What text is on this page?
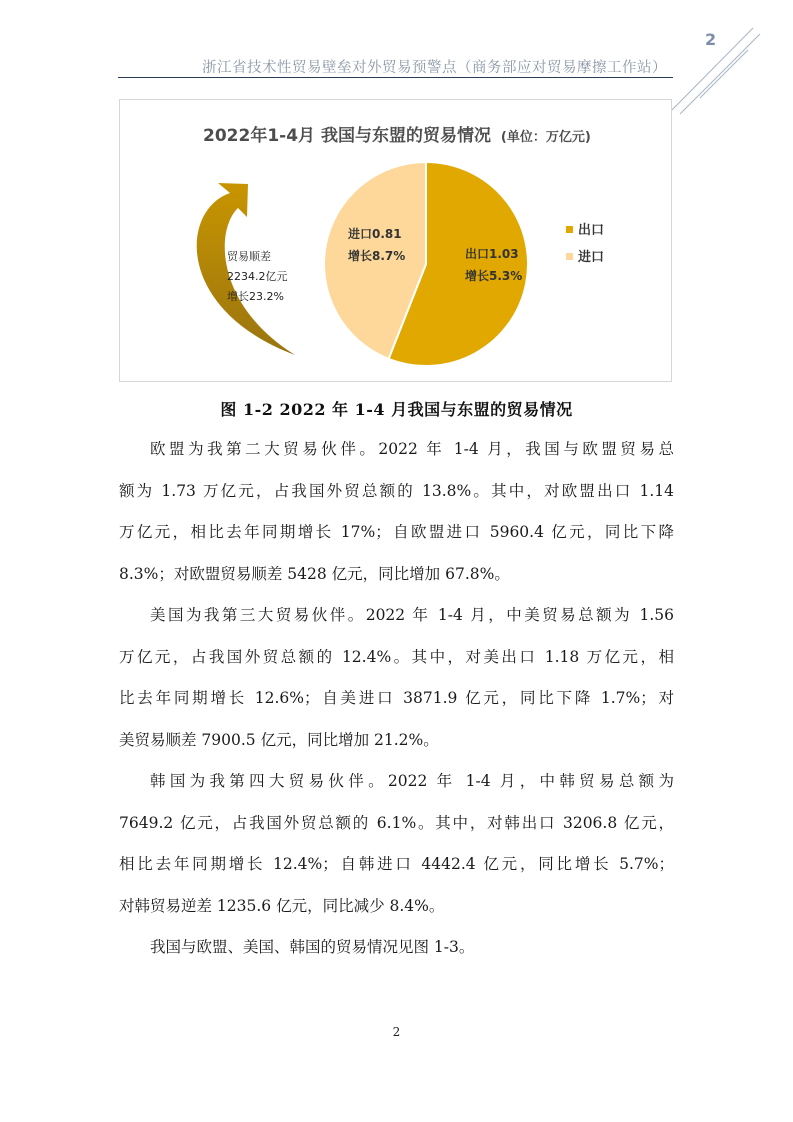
2
浙江省技术性贸易壁垒对外贸易预警点（商务部应对贸易摩擦工作站）
2022年1-4月 我国与东盟的贸易情况 (单位：万亿元)
贸易顺差 2234.2亿元 增长23.2%
出口1.03 增长5.3%
进口0.81 增长8.7%
出口
进口
图 1-2 2022 年 1-4 月我国与东盟的贸易情况
欧盟为我第二大贸易伙伴。2022 年 1-4 月，我国与欧盟贸易总
额为 1.73 万亿元，占我国外贸总额的 13.8%。其中，对欧盟出口 1.14
万亿元，相比去年同期增长 17%；自欧盟进口 5960.4 亿元，同比下降
8.3%；对欧盟贸易顺差 5428 亿元，同比增加 67.8%。
美国为我第三大贸易伙伴。2022 年 1-4 月，中美贸易总额为 1.56
万亿元，占我国外贸总额的 12.4%。其中，对美出口 1.18 万亿元，相
比去年同期增长 12.6%；自美进口 3871.9 亿元，同比下降 1.7%；对
美贸易顺差 7900.5 亿元，同比增加 21.2%。
韩国为我第四大贸易伙伴。2022 年 1-4 月，中韩贸易总额为
7649.2 亿元，占我国外贸总额的 6.1%。其中，对韩出口 3206.8 亿元，
相比去年同期增长 12.4%；自韩进口 4442.4 亿元，同比增长 5.7%；
对韩贸易逆差 1235.6 亿元，同比减少 8.4%。
我国与欧盟、美国、韩国的贸易情况见图 1-3。
2
